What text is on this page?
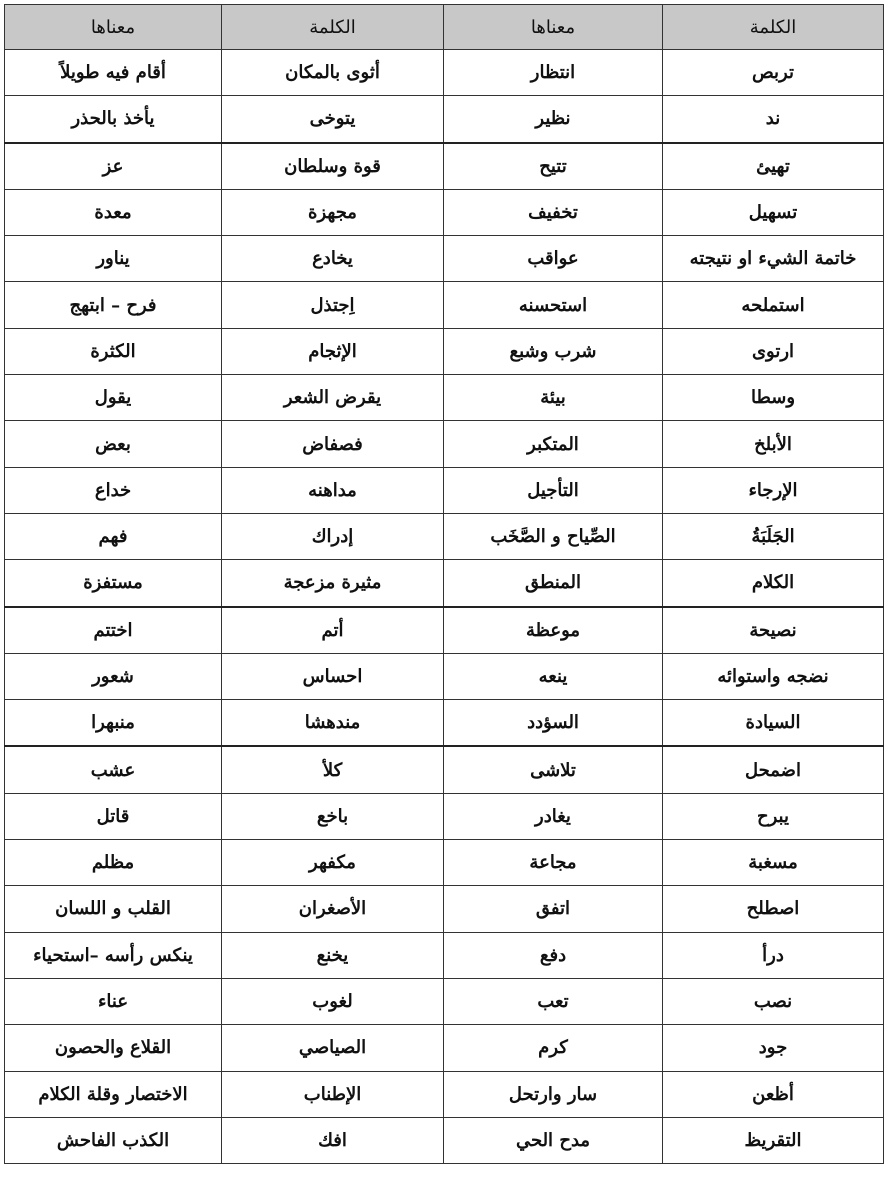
الكلمة	معناها	الكلمة	معناها
تربص	انتظار	أثوى بالمكان	أقام فيه طويلاً
ند	نظير	يتوخى	يأخذ بالحذر
تهيئ	تتيح	قوة وسلطان	عز
تسهيل	تخفيف	مجهزة	معدة
خاتمة الشيء او نتيجته	عواقب	يخادع	يناور
استملحه	استحسنه	اِجتذل	فرح – ابتهج
ارتوى	شرب وشبع	الإثجام	الكثرة
وسطا	بيئة	يقرض الشعر	يقول
الأبلخ	المتكبر	فصفاض	بعض
الإرجاء	التأجيل	مداهنه	خداع
الجَلَبَةُ	الصِّياح و الصَّخَب	إدراك	فهم
الكلام	المنطق	مثيرة مزعجة	مستفزة
نصيحة	موعظة	أتم	اختتم
نضجه واستوائه	ينعه	احساس	شعور
السيادة	السؤدد	مندهشا	منبهرا
اضمحل	تلاشى	كلأ	عشب
يبرح	يغادر	باخع	قاتل
مسغبة	مجاعة	مكفهر	مظلم
اصطلح	اتفق	الأصغران	القلب و اللسان
درأ	دفع	يخنع	ينكس رأسه –استحياء
نصب	تعب	لغوب	عناء
جود	كرم	الصياصي	القلاع والحصون
أظعن	سار وارتحل	الإطناب	الاختصار وقلة الكلام
التقريظ	مدح الحي	افك	الكذب الفاحش
